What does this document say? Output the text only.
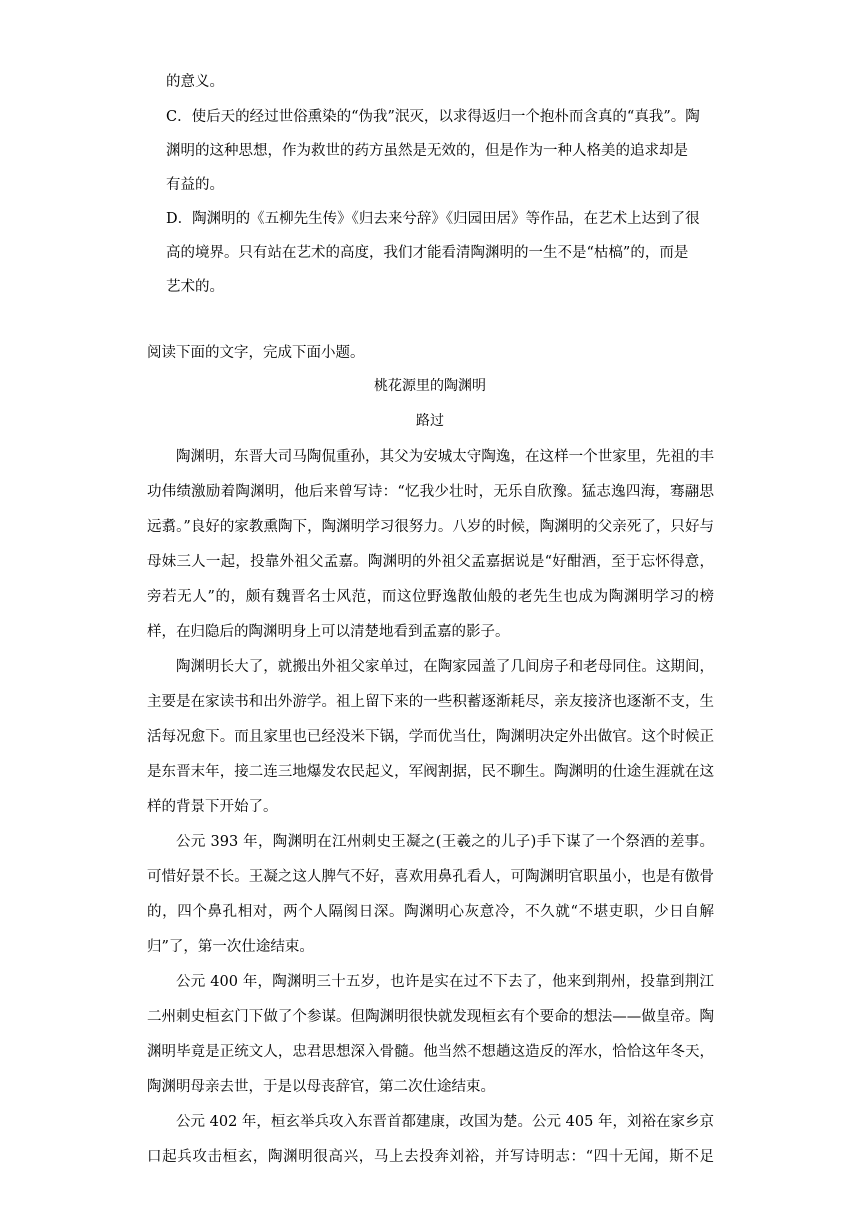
的意义。
C．使后天的经过世俗熏染的“伪我”泯灭，以求得返归一个抱朴而含真的“真我”。陶
渊明的这种思想，作为救世的药方虽然是无效的，但是作为一种人格美的追求却是
有益的。
D．陶渊明的《五柳先生传》《归去来兮辞》《归园田居》等作品，在艺术上达到了很
高的境界。只有站在艺术的高度，我们才能看清陶渊明的一生不是“枯槁”的，而是
艺术的。
阅读下面的文字，完成下面小题。
桃花源里的陶渊明
路过

陶渊明，东晋大司马陶侃重孙，其父为安城太守陶逸，在这样一个世家里，先祖的丰功伟绩激励着陶渊明，他后来曾写诗：“忆我少壮时，无乐自欣豫。猛志逸四海，骞翮思远翥。”良好的家教熏陶下，陶渊明学习很努力。八岁的时候，陶渊明的父亲死了，只好与母妹三人一起，投靠外祖父孟嘉。陶渊明的外祖父孟嘉据说是“好酣酒，至于忘怀得意，旁若无人”的，颇有魏晋名士风范，而这位野逸散仙般的老先生也成为陶渊明学习的榜样，在归隐后的陶渊明身上可以清楚地看到孟嘉的影子。

陶渊明长大了，就搬出外祖父家单过，在陶家园盖了几间房子和老母同住。这期间，主要是在家读书和出外游学。祖上留下来的一些积蓄逐渐耗尽，亲友接济也逐渐不支，生活每况愈下。而且家里也已经没米下锅，学而优当仕，陶渊明决定外出做官。这个时候正是东晋末年，接二连三地爆发农民起义，军阀割据，民不聊生。陶渊明的仕途生涯就在这样的背景下开始了。

公元 393 年，陶渊明在江州刺史王凝之(王羲之的儿子)手下谋了一个祭酒的差事。可惜好景不长。王凝之这人脾气不好，喜欢用鼻孔看人，可陶渊明官职虽小，也是有傲骨的，四个鼻孔相对，两个人隔阂日深。陶渊明心灰意冷，不久就“不堪吏职，少日自解归”了，第一次仕途结束。

公元 400 年，陶渊明三十五岁，也许是实在过不下去了，他来到荆州，投靠到荆江二州刺史桓玄门下做了个参谋。但陶渊明很快就发现桓玄有个要命的想法——做皇帝。陶渊明毕竟是正统文人，忠君思想深入骨髓。他当然不想趟这造反的浑水，恰恰这年冬天，陶渊明母亲去世，于是以母丧辞官，第二次仕途结束。

公元 402 年，桓玄举兵攻入东晋首都建康，改国为楚。公元 405 年，刘裕在家乡京口起兵攻击桓玄，陶渊明很高兴，马上去投奔刘裕，并写诗明志：“四十无闻，斯不足
